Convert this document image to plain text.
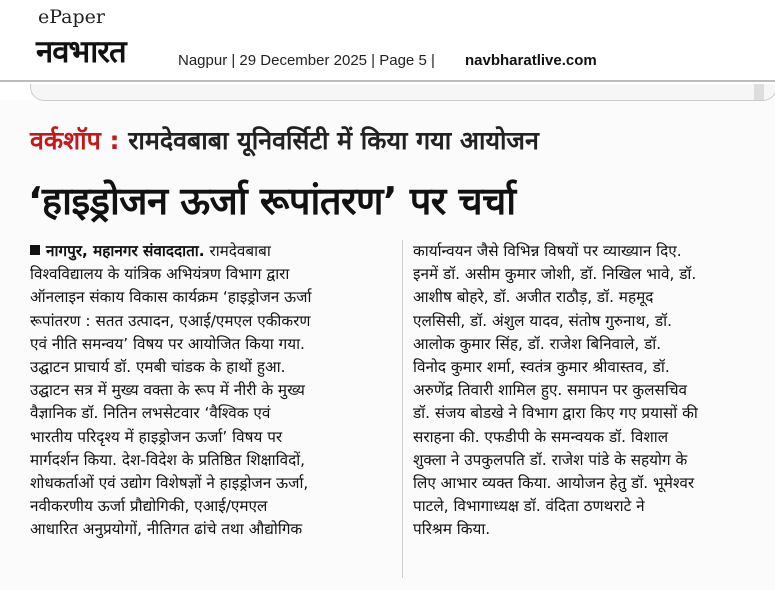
ePaper
नवभारत	Nagpur | 29 December 2025 | Page 5 | navbharatlive.com
वर्कशॉप : रामदेवबाबा यूनिवर्सिटी में किया गया आयोजन
‘हाइड्रोजन ऊर्जा रूपांतरण’ पर चर्चा
नागपुर, महानगर संवाददाता. रामदेवबाबा
विश्वविद्यालय के यांत्रिक अभियंत्रण विभाग द्वारा
ऑनलाइन संकाय विकास कार्यक्रम ‘हाइड्रोजन ऊर्जा
रूपांतरण : सतत उत्पादन, एआई/एमएल एकीकरण
एवं नीति समन्वय’ विषय पर आयोजित किया गया.
उद्घाटन प्राचार्य डॉ. एमबी चांडक के हाथों हुआ.
उद्घाटन सत्र में मुख्य वक्ता के रूप में नीरी के मुख्य
वैज्ञानिक डॉ. नितिन लभसेटवार ‘वैश्विक एवं
भारतीय परिदृश्य में हाइड्रोजन ऊर्जा’ विषय पर
मार्गदर्शन किया. देश-विदेश के प्रतिष्ठित शिक्षाविदों,
शोधकर्ताओं एवं उद्योग विशेषज्ञों ने हाइड्रोजन ऊर्जा,
नवीकरणीय ऊर्जा प्रौद्योगिकी, एआई/एमएल
आधारित अनुप्रयोगों, नीतिगत ढांचे तथा औद्योगिक
कार्यान्वयन जैसे विभिन्न विषयों पर व्याख्यान दिए.
इनमें डॉ. असीम कुमार जोशी, डॉ. निखिल भावे, डॉ.
आशीष बोहरे, डॉ. अजीत राठौड़, डॉ. महमूद
एलसिसी, डॉ. अंशुल यादव, संतोष गुरुनाथ, डॉ.
आलोक कुमार सिंह, डॉ. राजेश बिनिवाले, डॉ.
विनोद कुमार शर्मा, स्वतंत्र कुमार श्रीवास्तव, डॉ.
अरुणेंद्र तिवारी शामिल हुए. समापन पर कुलसचिव
डॉ. संजय बोडखे ने विभाग द्वारा किए गए प्रयासों की
सराहना की. एफडीपी के समन्वयक डॉ. विशाल
शुक्ला ने उपकुलपति डॉ. राजेश पांडे के सहयोग के
लिए आभार व्यक्त किया. आयोजन हेतु डॉ. भूमेश्वर
पाटले, विभागाध्यक्ष डॉ. वंदिता ठणथराटे ने
परिश्रम किया.
